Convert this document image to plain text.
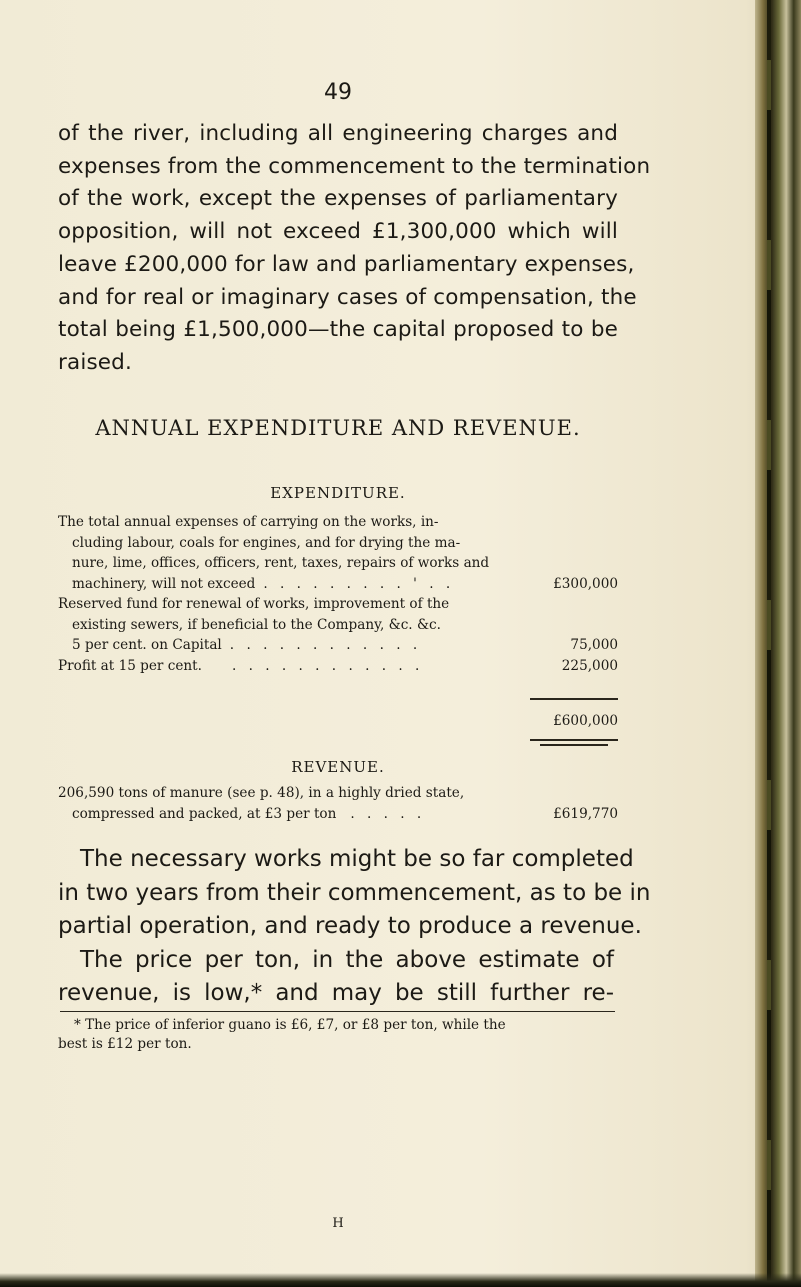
49
of the river, including all engineering charges and
expenses from the commencement to the termination
of the work, except the expenses of parliamentary
opposition, will not exceed £1,300,000 which will
leave £200,000 for law and parliamentary expenses,
and for real or imaginary cases of compensation, the
total being £1,500,000—the capital proposed to be
raised.
ANNUAL EXPENDITURE AND REVENUE.
EXPENDITURE.
The total annual expenses of carrying on the works, in-
cluding labour, coals for engines, and for drying the ma-
nure, lime, offices, officers, rent, taxes, repairs of works and
machinery, will not exceed . . . . . . . . . ' . .	£300,000
Reserved fund for renewal of works, improvement of the
existing sewers, if beneficial to the Company, &c. &c.
5 per cent. on Capital . . . . . . . . . . . .	75,000
Profit at 15 per cent.	. . . . . . . . . . . .	225,000
£600,000
REVENUE.
206,590 tons of manure (see p. 48), in a highly dried state,
compressed and packed, at £3 per ton	. . . . .	£619,770
The necessary works might be so far completed
in two years from their commencement, as to be in
partial operation, and ready to produce a revenue.
The price per ton, in the above estimate of
revenue, is low,* and may be still further re-
* The price of inferior guano is £6, £7, or £8 per ton, while the
best is £12 per ton.
H
